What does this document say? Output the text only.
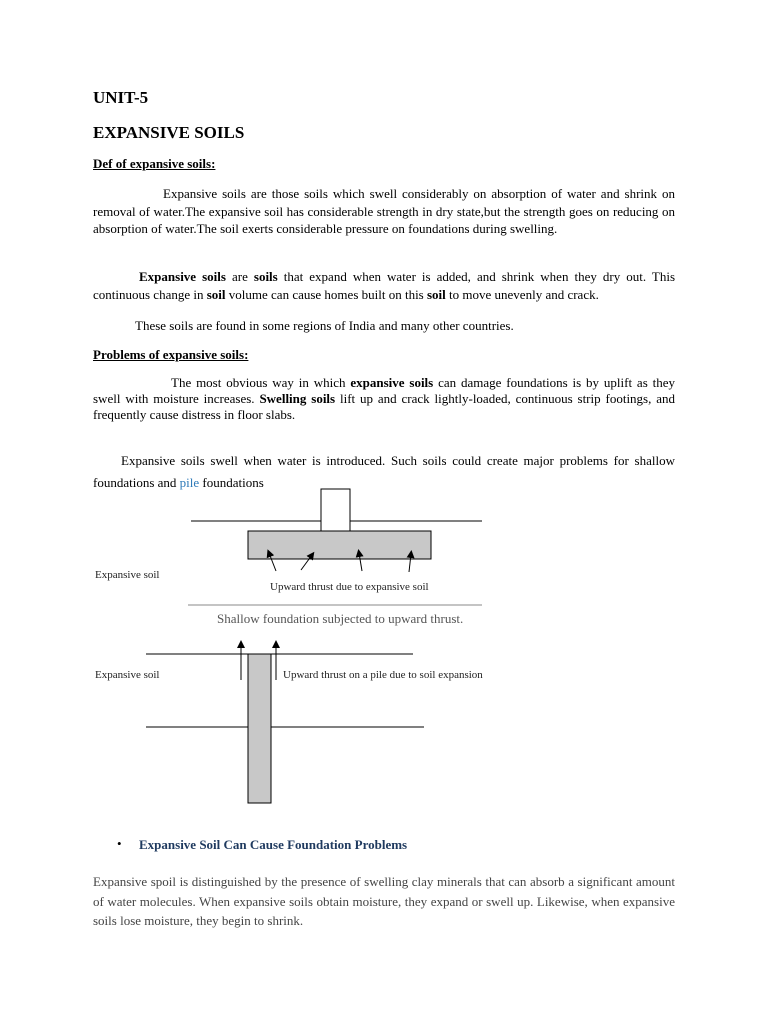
UNIT-5
EXPANSIVE SOILS
Def of expansive soils:

Expansive soils are those soils which swell considerably on absorption of water and shrink on removal of water.The expansive soil has considerable strength in dry state,but the strength goes on reducing on absorption of water.The soil exerts considerable pressure on foundations during swelling.

Expansive soils are soils that expand when water is added, and shrink when they dry out. This continuous change in soil volume can cause homes built on this soil to move unevenly and crack.

These soils are found in some regions of India and many other countries.

Problems of expansive soils:

The most obvious way in which expansive soils can damage foundations is by uplift as they swell with moisture increases. Swelling soils lift up and crack lightly-loaded, continuous strip footings, and frequently cause distress in floor slabs.

Expansive soils swell when water is introduced. Such soils could create major problems for shallow foundations and pile foundations

Expansive soil
Upward thrust due to expansive soil
Shallow foundation subjected to upward thrust.
Expansive soil	Upward thrust on a pile due to soil expansion
• Expansive Soil Can Cause Foundation Problems

Expansive spoil is distinguished by the presence of swelling clay minerals that can absorb a significant amount of water molecules. When expansive soils obtain moisture, they expand or swell up. Likewise, when expansive soils lose moisture, they begin to shrink.
